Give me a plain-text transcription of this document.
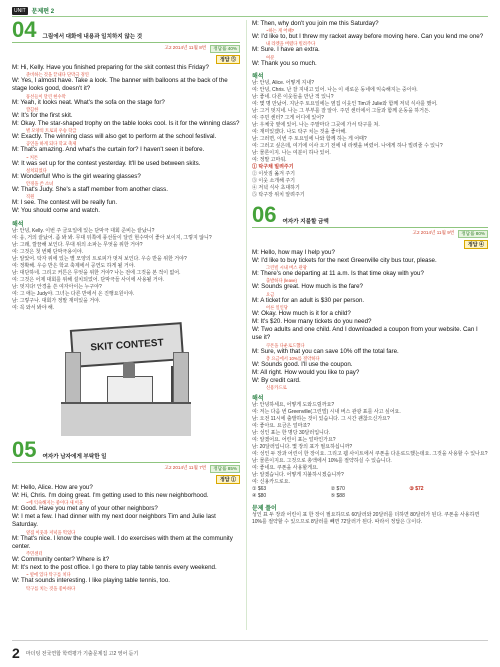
UNIT	문제편 2
04 그림에서 대화에 내용과 일치하지 않는 것
고2 2014년 11월 8번	정답률 40%
정답 ⑤
M: Hi, Kelly. Have you finished preparing for the skit contest this Friday?
준비하는 것을 끝내다 단막극 경연
W: Yes, I almost have. Take a look. The banner with balloons at the back of the stage looks good, doesn't it?
풍선들이 달린 현수막
M: Yeah, it looks neat. What's the sofa on the stage for?
깔끔한
W: It's for the first skit.
M: Okay. The star-shaped trophy on the table looks cool. Is it for the winning class?
별 모양의 트로피 우승 학급
W: Exactly. The winning class will also get to perform at the school festival.
공연을 하게 되다 학교 축제
M: That's amazing. And what's the curtain for? I haven't seen it before.
~ 커튼
W: It was set up for the contest yesterday. It'll be used between skits.
설치되었다
M: Wonderful! Who is the girl wearing glasses?
안경을 쓴 소녀
W: That's Judy. She's a staff member from another class.
직원
M: I see. The contest will be really fun.
W: You should come and watch.
해석
남: 안녕, Kelly. 이번 주 금요일에 있는 단막극 대회 준비는 끝났니?
여: 응, 거의 끝났어. 좀 봐 봐. 무대 뒤쪽에 풍선들이 달린 현수막이 좋아 보이지, 그렇지 않니?
남: 그래, 깔끔해 보인다. 무대 위의 소파는 무엇을 위한 거야?
여: 그것은 첫 번째 단막극용이야.
남: 알았어. 탁자 위에 있는 별 모양의 트로피가 멋져 보인다. 우승 반을 위한 거야?
여: 정확해. 우승 반은 학교 축제에서 공연도 하게 될 거야.
남: 대단하네. 그리고 커튼은 무엇을 위한 거야? 나는 전에 그것을 본 적이 없어.
여: 그것은 어제 대회를 위해 설치되었어. 단막극들 사이에 사용될 거야.
남: 멋지다! 안경을 쓴 여자아이는 누구야?
여: 그 애는 Judy야. 그녀는 다른 반에서 온 진행요원이야.
남: 그렇구나. 대회가 정말 재미있을 거야.
여: 꼭 와서 봐야 해.
SKIT CONTEST
05 여자가 남자에게 부탁한 일
고2 2014년 11월 7번	정답률 85%
정답 ①
M: Hello, Alice. How are you?
W: Hi, Chris. I'm doing great. I'm getting used to this new neighborhood.
~에 익숙해지는 중이다 새 이웃
M: Good. Have you met any of your other neighbors?
W: I met a few. I had dinner with my next door neighbors Tim and Julie last Saturday.
옆집 이웃과 저녁을 먹었다
M: That's nice. I know the couple well. I do exercises with them at the community center.
주민센터
W: Community center? Where is it?
M: It's next to the post office. I go there to play table tennis every weekend.
~ 옆에 있다 탁구를 치다
W: That sounds interesting. I like playing table tennis, too.
탁구를 치는 것을 좋아하다
M: Then, why don't you join me this Saturday?
~하는 게 어때?
W: I'd like to, but I threw my racket away before moving here. Can you lend me one?
내 라켓을 버렸다 빌려주다
M: Sure. I have an extra.
여분
W: Thank you so much.
해석
남: 안녕, Alice. 어떻게 지내?
여: 안녕, Chris. 난 잘 지내고 있어. 나는 이 새로운 동네에 익숙해지는 중이야.
남: 좋네. 다른 이웃들을 만난 적 있니?
여: 몇 명 만났어. 지난주 토요일에는 옆집 이웃인 Tim과 Julie와 함께 저녁 식사를 했어.
남: 그거 멋지네. 나는 그 부부를 잘 알아. 주민 센터에서 그들과 함께 운동을 하거든.
여: 주민 센터? 그게 어디에 있어?
남: 우체국 옆에 있어. 나는 주말마다 그곳에 가서 탁구를 쳐.
여: 재미있겠다. 나도 탁구 치는 것을 좋아해.
남: 그러면, 이번 주 토요일에 나와 함께 하는 게 어때?
여: 그러고 싶은데, 여기에 이사 오기 전에 내 라켓을 버렸어. 나에게 하나 빌려줄 수 있니?
남: 물론이지. 나는 여분이 하나 있어.
여: 정말 고마워.
① 탁구채 빌려주기
② 이삿짐 옮겨 주기
③ 이웃 소개해 주기
④ 저녁 식사 초대하기
⑤ 탁구장 위치 알려주기
06 여자가 지불할 금액
고2 2014년 11월 9번	정답률 80%
정답 ④
M: Hello, how may I help you?
W: I'd like to buy tickets for the next Greenville city bus tour, please.
그린빌 시내 버스 관광
M: There's one departing at 11 a.m. Is that time okay with you?
출발하다 (leave)
W: Sounds great. How much is the fare?
요금
M: A ticket for an adult is $30 per person.
어른 일인당
W: Okay. How much is it for a child?
M: It's $20. How many tickets do you need?
W: Two adults and one child. And I downloaded a coupon from your website. Can I use it?
쿠폰을 다운로드했다
M: Sure, with that you can save 10% off the total fare.
총 요금에서 10%를 절약하다
W: Sounds good. I'll use the coupon.
M: All right. How would you like to pay?
W: By credit card.
신용카드로
해석
남: 안녕하세요, 어떻게 도와드릴까요?
여: 저는 다음 번 Greenville(그린빌) 시내 버스 관광 표를 사고 싶어요.
남: 오전 11시에 출발하는 것이 있습니다. 그 시간 괜찮으신가요?
여: 좋아요. 요금은 얼마죠?
남: 성인 표는 한 명당 30달러입니다.
여: 알겠어요. 어린이 표는 얼마인가요?
남: 20달러입니다. 몇 장의 표가 필요하십니까?
여: 성인 두 장과 어린이 한 장이요. 그리고 웹 사이트에서 쿠폰을 다운로드했는데요. 그것을 사용할 수 있나요?
남: 물론이지요. 그것으로 총액에서 10%를 절약하실 수 있습니다.
여: 좋네요. 쿠폰을 사용할게요.
남: 알겠습니다. 어떻게 지불하시겠습니까?
여: 신용카드로요.
① $63	② $70	③ $72
④ $80	⑤ $88
문제 풀이
성인 표 두 장과 어린이 표 한 장이 필요하므로 60달러와 20달러를 더하면 80달러가 된다. 쿠폰을 사용하면 10%를 절약할 수 있으므로 8달러를 빼면 72달러가 된다. 따라서 정답은 ③이다.
2 마더텅 전국연합 학력평가 기출문제집 고2 영어 듣기
